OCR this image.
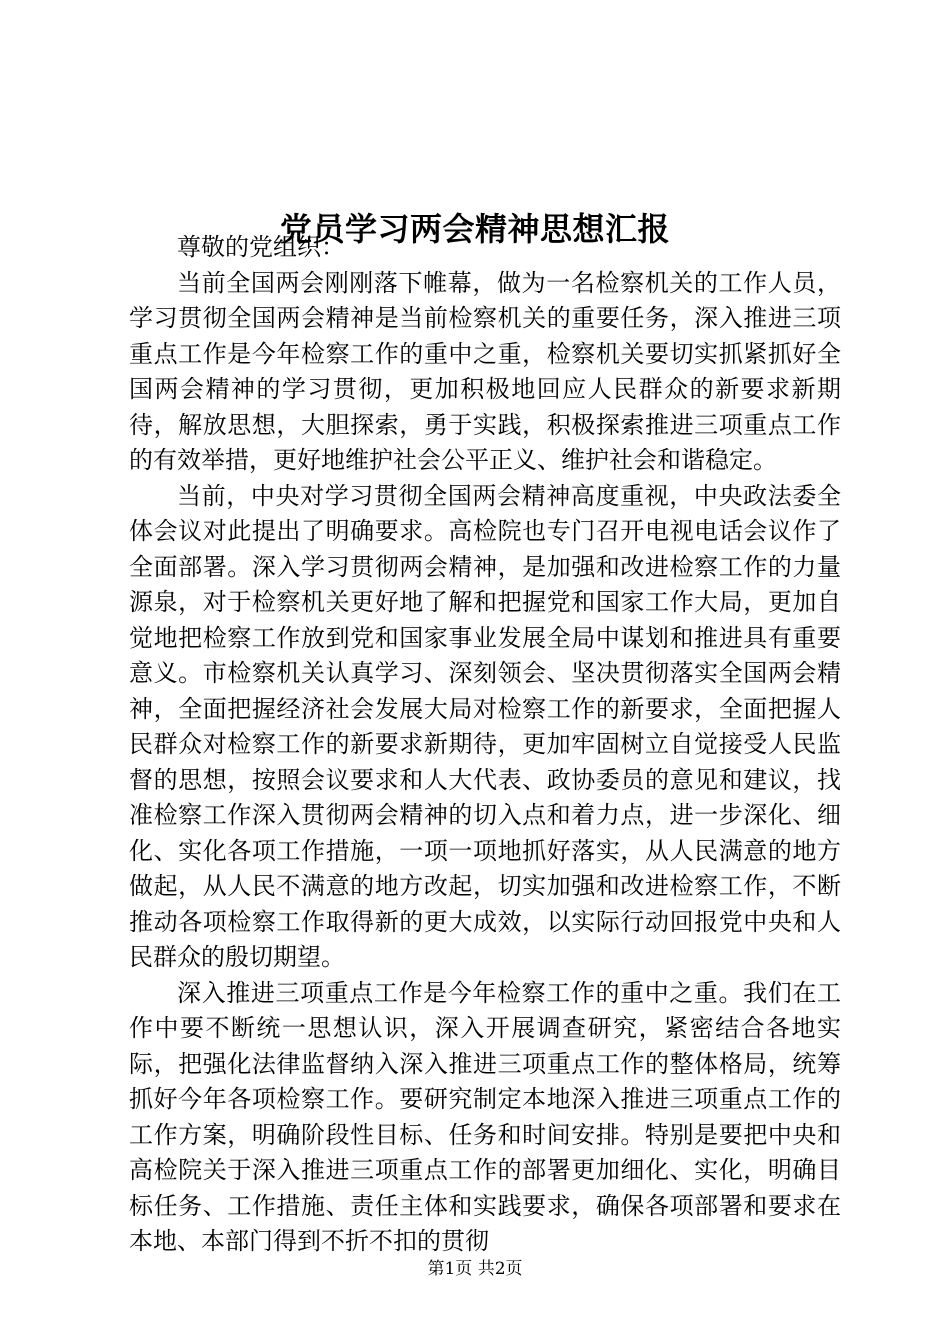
党员学习两会精神思想汇报

尊敬的党组织：

当前全国两会刚刚落下帷幕，做为一名检察机关的工作人员，学习贯彻全国两会精神是当前检察机关的重要任务，深入推进三项重点工作是今年检察工作的重中之重，检察机关要切实抓紧抓好全国两会精神的学习贯彻，更加积极地回应人民群众的新要求新期待，解放思想，大胆探索，勇于实践，积极探索推进三项重点工作的有效举措，更好地维护社会公平正义、维护社会和谐稳定。

当前，中央对学习贯彻全国两会精神高度重视，中央政法委全体会议对此提出了明确要求。高检院也专门召开电视电话会议作了全面部署。深入学习贯彻两会精神，是加强和改进检察工作的力量源泉，对于检察机关更好地了解和把握党和国家工作大局，更加自觉地把检察工作放到党和国家事业发展全局中谋划和推进具有重要意义。市检察机关认真学习、深刻领会、坚决贯彻落实全国两会精神，全面把握经济社会发展大局对检察工作的新要求，全面把握人民群众对检察工作的新要求新期待，更加牢固树立自觉接受人民监督的思想，按照会议要求和人大代表、政协委员的意见和建议，找准检察工作深入贯彻两会精神的切入点和着力点，进一步深化、细化、实化各项工作措施，一项一项地抓好落实，从人民满意的地方做起，从人民不满意的地方改起，切实加强和改进检察工作，不断推动各项检察工作取得新的更大成效，以实际行动回报党中央和人民群众的殷切期望。

深入推进三项重点工作是今年检察工作的重中之重。我们在工作中要不断统一思想认识，深入开展调查研究，紧密结合各地实际，把强化法律监督纳入深入推进三项重点工作的整体格局，统筹抓好今年各项检察工作。要研究制定本地深入推进三项重点工作的工作方案，明确阶段性目标、任务和时间安排。特别是要把中央和高检院关于深入推进三项重点工作的部署更加细化、实化，明确目标任务、工作措施、责任主体和实践要求，确保各项部署和要求在本地、本部门得到不折不扣的贯彻

第1页 共2页
